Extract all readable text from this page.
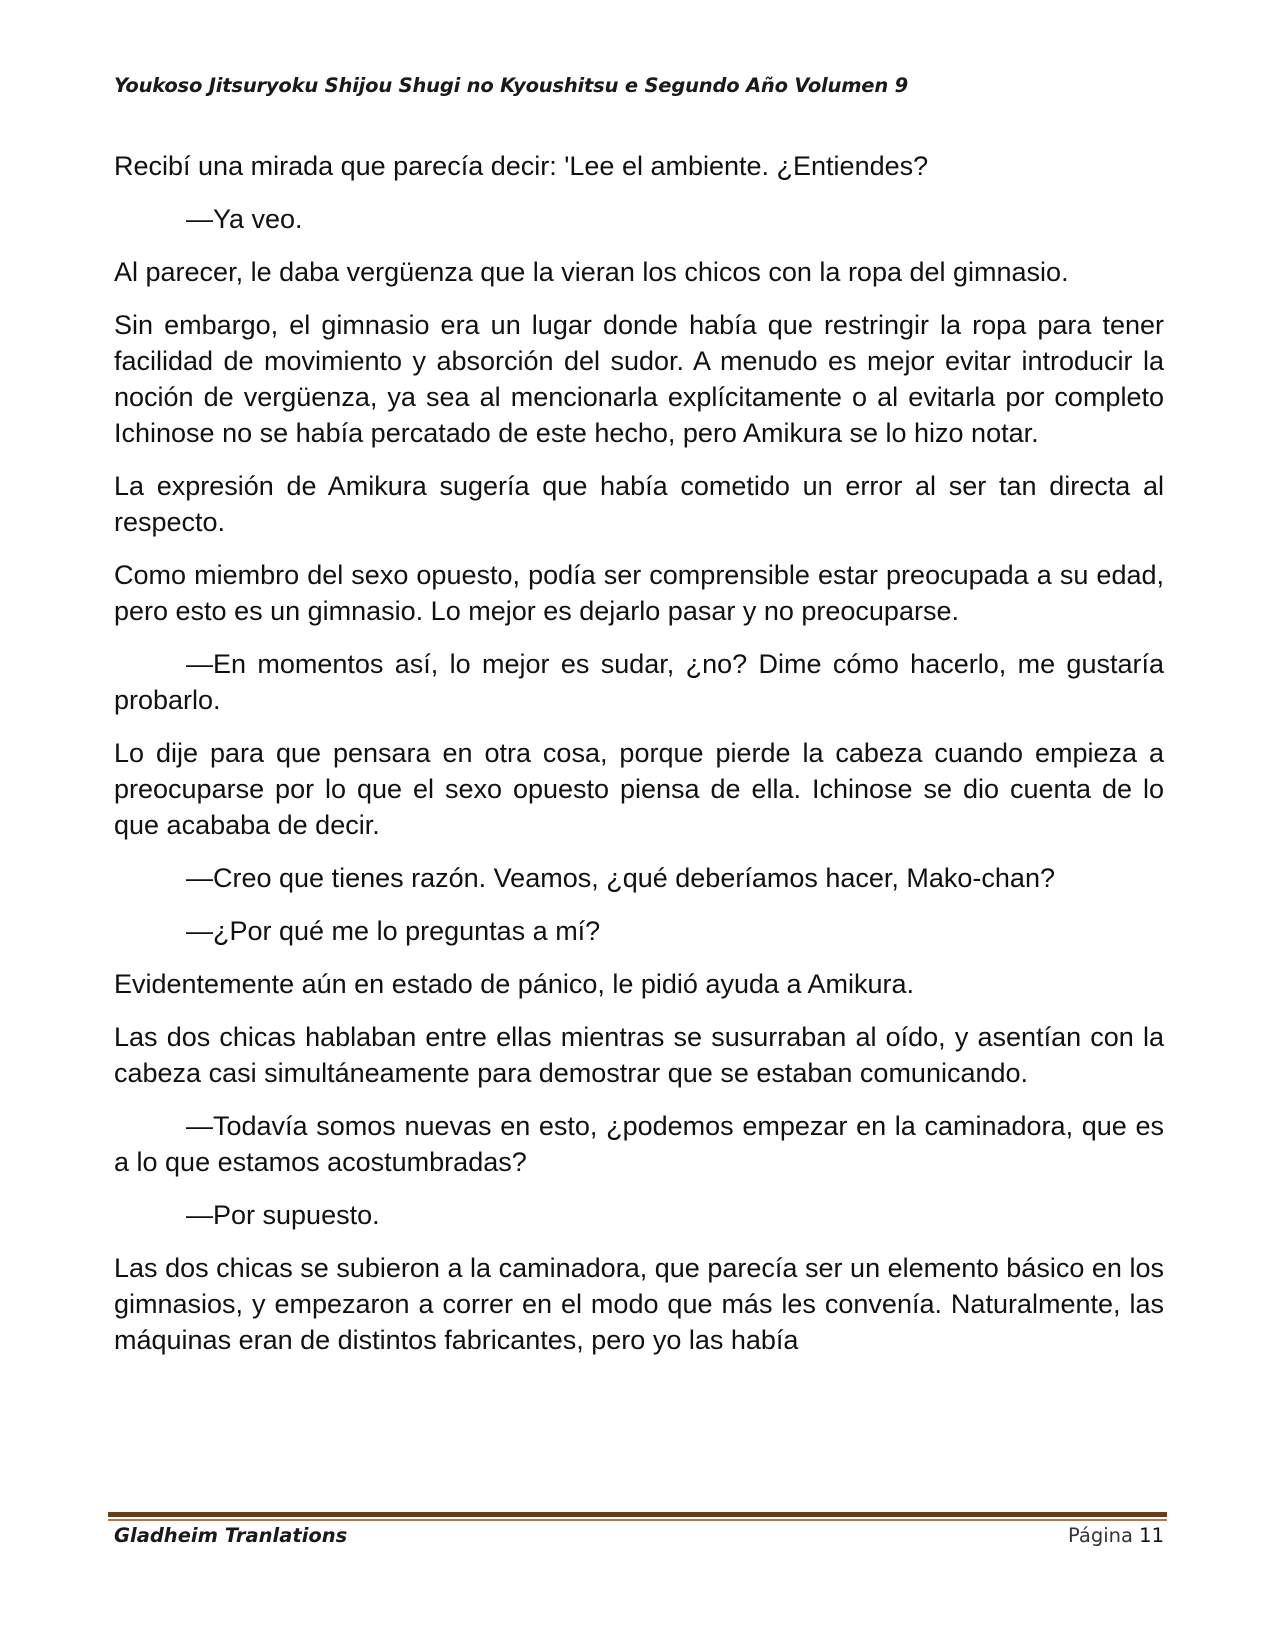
Youkoso Jitsuryoku Shijou Shugi no Kyoushitsu e Segundo Año Volumen 9

Recibí una mirada que parecía decir: 'Lee el ambiente. ¿Entiendes?

—Ya veo.

Al parecer, le daba vergüenza que la vieran los chicos con la ropa del gimnasio.

Sin embargo, el gimnasio era un lugar donde había que restringir la ropa para tener facilidad de movimiento y absorción del sudor. A menudo es mejor evitar introducir la noción de vergüenza, ya sea al mencionarla explícitamente o al evitarla por completo Ichinose no se había percatado de este hecho, pero Amikura se lo hizo notar.

La expresión de Amikura sugería que había cometido un error al ser tan directa al respecto.

Como miembro del sexo opuesto, podía ser comprensible estar preocupada a su edad, pero esto es un gimnasio. Lo mejor es dejarlo pasar y no preocuparse.

—En momentos así, lo mejor es sudar, ¿no? Dime cómo hacerlo, me gustaría probarlo.

Lo dije para que pensara en otra cosa, porque pierde la cabeza cuando empieza a preocuparse por lo que el sexo opuesto piensa de ella. Ichinose se dio cuenta de lo que acababa de decir.

—Creo que tienes razón. Veamos, ¿qué deberíamos hacer, Mako-chan?

—¿Por qué me lo preguntas a mí?

Evidentemente aún en estado de pánico, le pidió ayuda a Amikura.

Las dos chicas hablaban entre ellas mientras se susurraban al oído, y asentían con la cabeza casi simultáneamente para demostrar que se estaban comunicando.

—Todavía somos nuevas en esto, ¿podemos empezar en la caminadora, que es a lo que estamos acostumbradas?

—Por supuesto.

Las dos chicas se subieron a la caminadora, que parecía ser un elemento básico en los gimnasios, y empezaron a correr en el modo que más les convenía. Naturalmente, las máquinas eran de distintos fabricantes, pero yo las había

Gladheim Tranlations	Página 11
